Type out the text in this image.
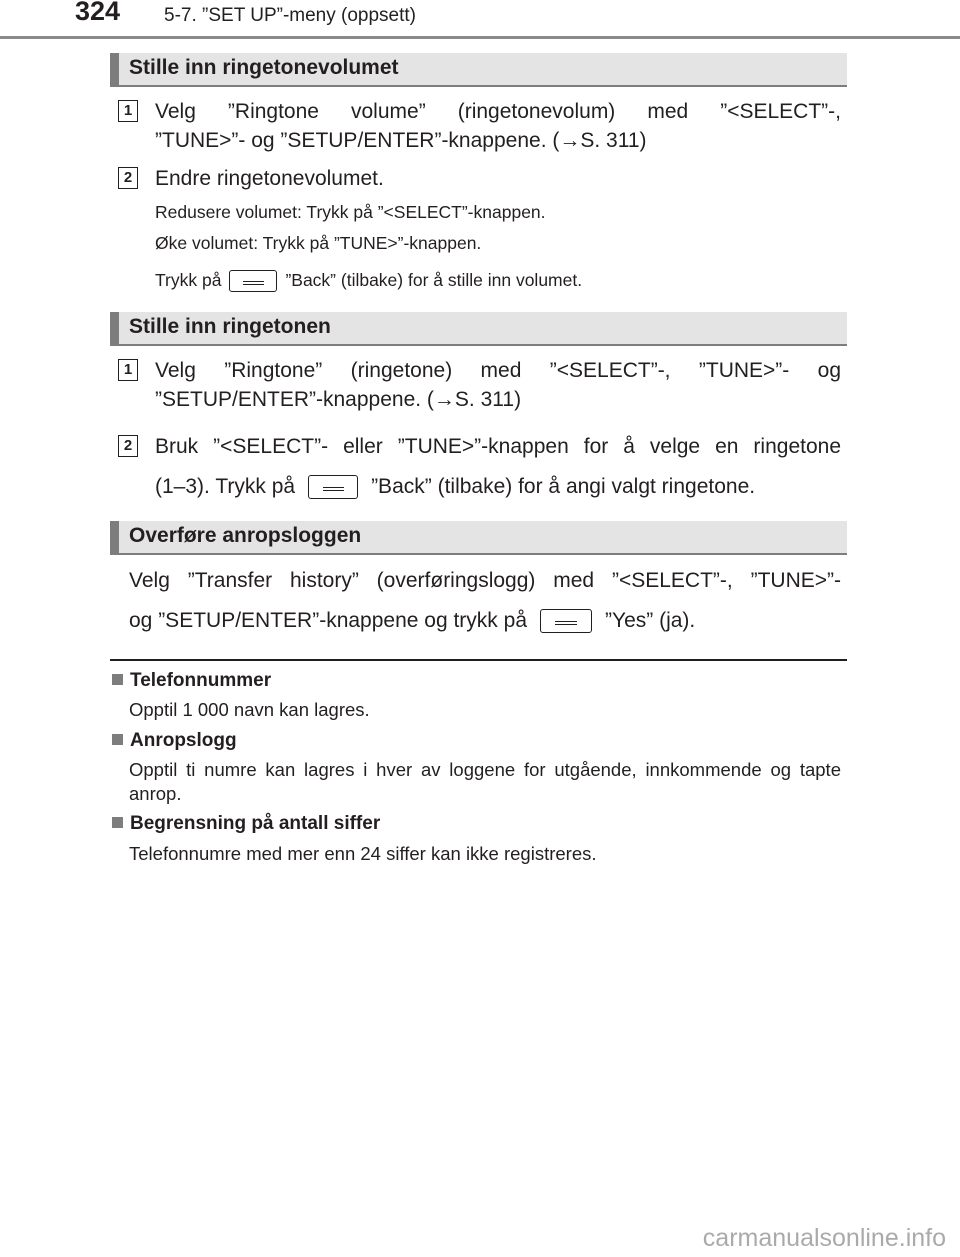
324 5-7. ”SET UP”-meny (oppsett)
Stille inn ringetonevolumet
1 Velg ”Ringtone volume” (ringetonevolum) med ”<SELECT”-,
”TUNE>”- og ”SETUP/ENTER”-knappene. (→S. 311)
2 Endre ringetonevolumet.
Redusere volumet: Trykk på ”<SELECT”-knappen.
Øke volumet: Trykk på ”TUNE>”-knappen.
Trykk på	”Back” (tilbake) for å stille inn volumet.
Stille inn ringetonen
1 Velg ”Ringtone” (ringetone) med ”<SELECT”-, ”TUNE>”- og
”SETUP/ENTER”-knappene. (→S. 311)
2 Bruk ”<SELECT”- eller ”TUNE>”-knappen for å velge en ringetone
(1–3). Trykk på	”Back” (tilbake) for å angi valgt ringetone.
Overføre anropsloggen
Velg ”Transfer history” (overføringslogg) med ”<SELECT”-, ”TUNE>”-
og ”SETUP/ENTER”-knappene og trykk på	”Yes” (ja).
Telefonnummer
Opptil 1 000 navn kan lagres.
Anropslogg
Opptil ti numre kan lagres i hver av loggene for utgående, innkommende og tapte anrop.
Begrensning på antall siffer
Telefonnumre med mer enn 24 siffer kan ikke registreres.
carmanualsonline.info
